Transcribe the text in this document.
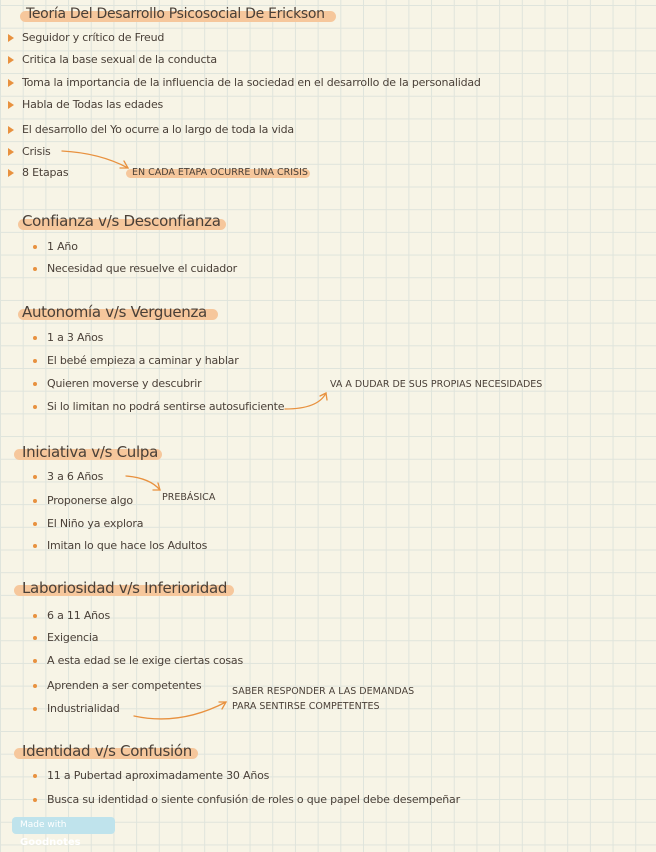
Teoría Del Desarrollo Psicosocial De Erickson
Seguidor y crítico de Freud
Critica la base sexual de la conducta
Toma la importancia de la influencia de la sociedad en el desarrollo de la personalidad
Habla de Todas las edades
El desarrollo del Yo ocurre a lo largo de toda la vida
Crisis
8 Etapas	EN CADA ETAPA OCURRE UNA CRISIS
Confianza v/s Desconfianza
1 Año
Necesidad que resuelve el cuidador
Autonomía v/s Verguenza
1 a 3 Años
El bebé empieza a caminar y hablar
Quieren moverse y descubrir
Si lo limitan no podrá sentirse autosuficiente
VA A DUDAR DE SUS PROPIAS NECESIDADES
Iniciativa v/s Culpa
3 a 6 Años
Proponerse algo
El Niño ya explora
Imitan lo que hace los Adultos
PREBÁSICA
Laboriosidad v/s Inferioridad
6 a 11 Años
Exigencia
A esta edad se le exige ciertas cosas
Aprenden a ser competentes
Industrialidad
SABER RESPONDER A LAS DEMANDAS
PARA SENTIRSE COMPETENTES
Identidad v/s Confusión
11 a Pubertad aproximadamente 30 Años
Busca su identidad o siente confusión de roles o que papel debe desempeñar
Made with Goodnotes
